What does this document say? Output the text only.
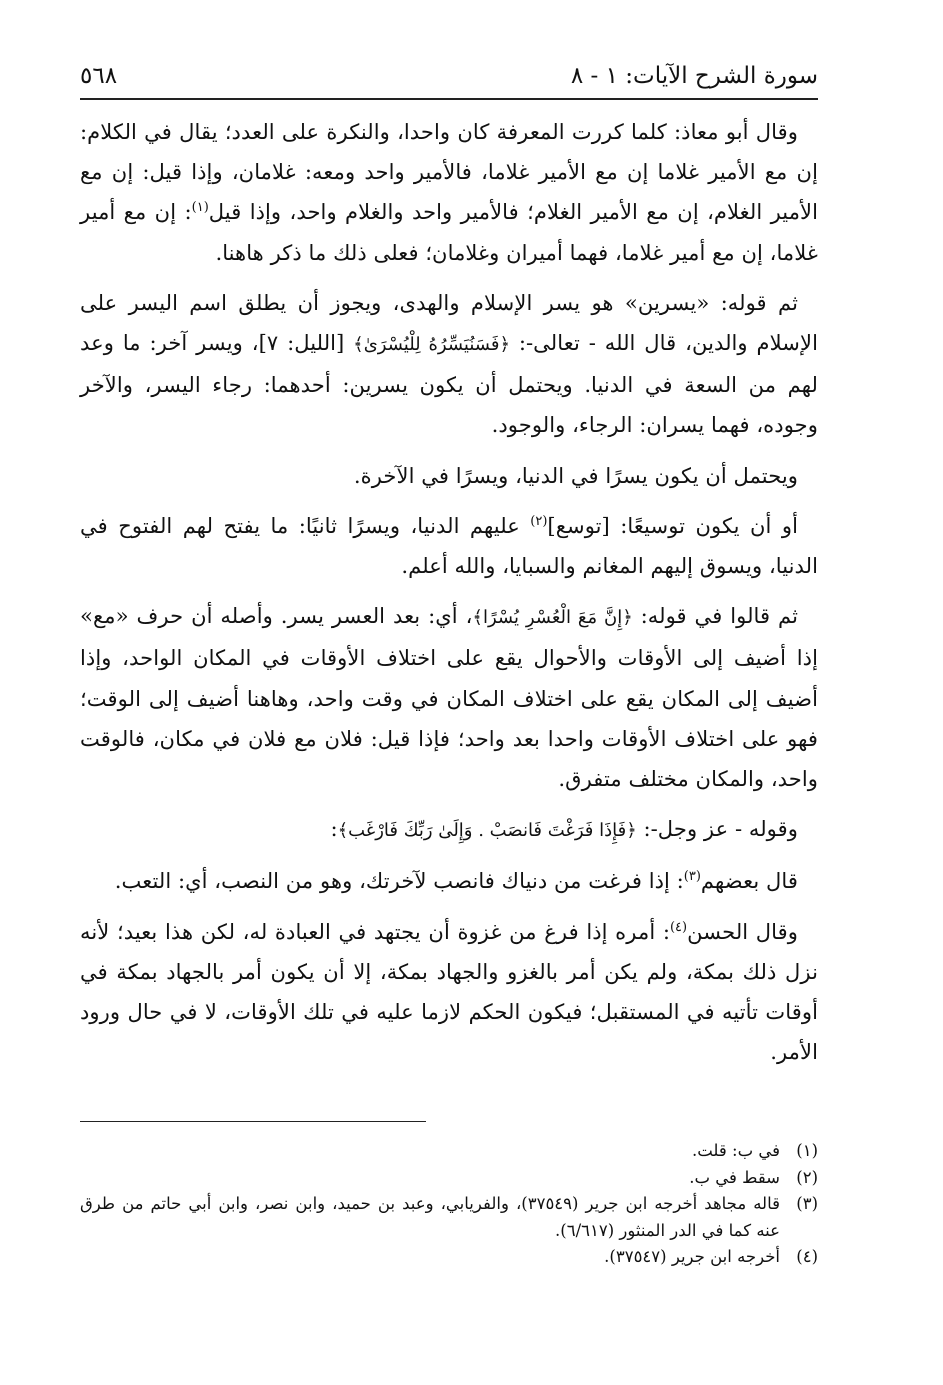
سورة الشرح الآيات: ١ - ٨
٥٦٨

وقال أبو معاذ: كلما كررت المعرفة كان واحدا، والنكرة على العدد؛ يقال في الكلام: إن مع الأمير غلاما إن مع الأمير غلاما، فالأمير واحد ومعه: غلامان، وإذا قيل: إن مع الأمير الغلام، إن مع الأمير الغلام؛ فالأمير واحد والغلام واحد، وإذا قيل$^{(١)}$: إن مع أمير غلاما، إن مع أمير غلاما، فهما أميران وغلامان؛ فعلى ذلك ما ذكر هاهنا.

ثم قوله: «يسرين» هو يسر الإسلام والهدى، ويجوز أن يطلق اسم اليسر على الإسلام والدين، قال الله - تعالى-: ﴿فَسَنُيَسِّرُهُ لِلْيُسْرَىٰ﴾ [الليل: ٧]، ويسر آخر: ما وعد لهم من السعة في الدنيا. ويحتمل أن يكون يسرين: أحدهما: رجاء اليسر، والآخر وجوده، فهما يسران: الرجاء، والوجود.

ويحتمل أن يكون يسرًا في الدنيا، ويسرًا في الآخرة.

أو أن يكون توسيعًا: [توسع]$^{(٢)}$ عليهم الدنيا، ويسرًا ثانيًا: ما يفتح لهم الفتوح في الدنيا، ويسوق إليهم المغانم والسبايا، والله أعلم.

ثم قالوا في قوله: ﴿إِنَّ مَعَ الْعُسْرِ يُسْرًا﴾، أي: بعد العسر يسر. وأصله أن حرف «مع» إذا أضيف إلى الأوقات والأحوال يقع على اختلاف الأوقات في المكان الواحد، وإذا أضيف إلى المكان يقع على اختلاف المكان في وقت واحد، وهاهنا أضيف إلى الوقت؛ فهو على اختلاف الأوقات واحدا بعد واحد؛ فإذا قيل: فلان مع فلان في مكان، فالوقت واحد، والمكان مختلف متفرق.

وقوله - عز وجل-: ﴿فَإِذَا فَرَغْتَ فَانصَبْ . وَإِلَىٰ رَبِّكَ فَارْغَب﴾:

قال بعضهم$^{(٣)}$: إذا فرغت من دنياك فانصب لآخرتك، وهو من النصب، أي: التعب.

وقال الحسن$^{(٤)}$: أمره إذا فرغ من غزوة أن يجتهد في العبادة له، لكن هذا بعيد؛ لأنه نزل ذلك بمكة، ولم يكن أمر بالغزو والجهاد بمكة، إلا أن يكون أمر بالجهاد بمكة في أوقات تأتيه في المستقبل؛ فيكون الحكم لازما عليه في تلك الأوقات، لا في حال ورود الأمر.

(١)
في ب: قلت.
(٢)
سقط في ب.
(٣)
قاله مجاهد أخرجه ابن جرير (٣٧٥٤٩)، والفريابي، وعبد بن حميد، وابن نصر، وابن أبي حاتم من طرق عنه كما في الدر المنثور (٦/٦١٧).
(٤)
أخرجه ابن جرير (٣٧٥٤٧).
